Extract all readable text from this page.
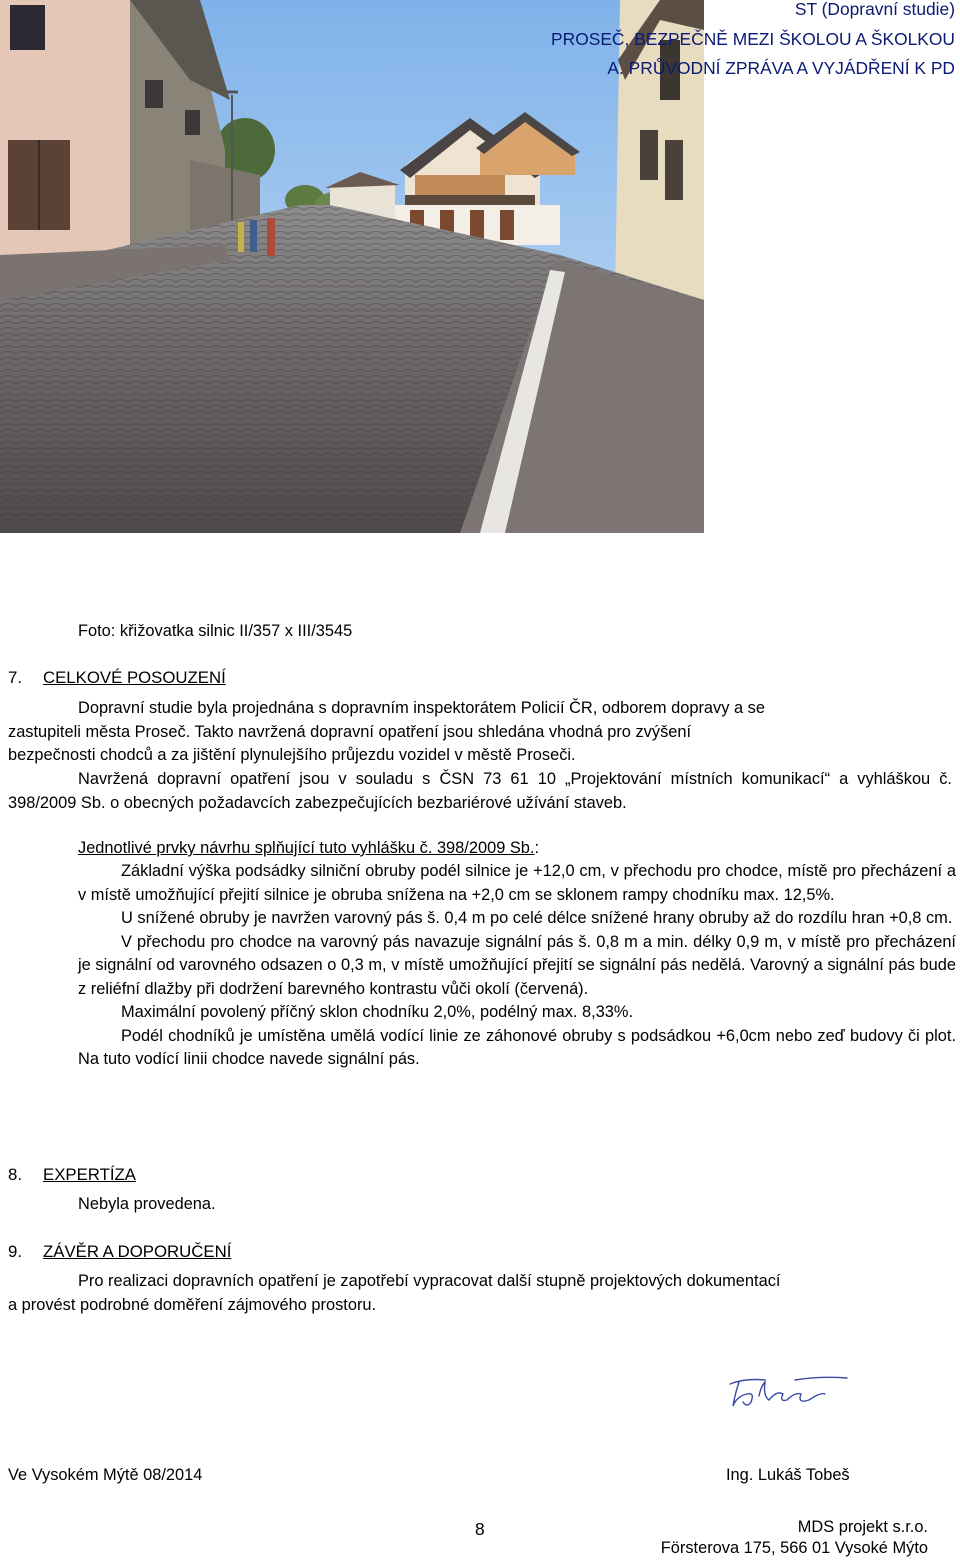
ST (Dopravní studie)
PROSEČ, BEZPEČNĚ MEZI ŠKOLOU A ŠKOLKOU
A. PRŮVODNÍ ZPRÁVA A VYJÁDŘENÍ K PD
Foto: křižovatka silnic II/357 x III/3545
7. CELKOVÉ POSOUZENÍ
Dopravní studie byla projednána s dopravním inspektorátem Policií ČR, odborem dopravy a se
zastupiteli města Proseč. Takto navržená dopravní opatření jsou shledána vhodná pro zvýšení
bezpečnosti chodců a za jištění plynulejšího průjezdu vozidel v městě Proseči.
Navržená dopravní opatření jsou v souladu s ČSN 73 61 10 „Projektování místních komunikací“ a vyhláškou č. 398/2009 Sb. o obecných požadavcích zabezpečujících bezbariérové užívání staveb.
Jednotlivé prvky návrhu splňující tuto vyhlášku č. 398/2009 Sb.:
Základní výška podsádky silniční obruby podél silnice je +12,0 cm, v přechodu pro chodce, místě pro přecházení a v místě umožňující přejití silnice je obruba snížena na +2,0 cm se sklonem rampy chodníku max. 12,5%.
U snížené obruby je navržen varovný pás š. 0,4 m po celé délce snížené hrany obruby až do rozdílu hran +0,8 cm.
V přechodu pro chodce na varovný pás navazuje signální pás š. 0,8 m a min. délky 0,9 m, v místě pro přecházení je signální od varovného odsazen o 0,3 m, v místě umožňující přejití se signální pás nedělá. Varovný a signální pás bude z reliéfní dlažby při dodržení barevného kontrastu vůči okolí (červená).
Maximální povolený příčný sklon chodníku 2,0%, podélný max. 8,33%.
Podél chodníků je umístěna umělá vodící linie ze záhonové obruby s podsádkou +6,0cm nebo zeď budovy či plot. Na tuto vodící linii chodce navede signální pás.
8. EXPERTÍZA
Nebyla provedena.
9. ZÁVĚR A DOPORUČENÍ
Pro realizaci dopravních opatření je zapotřebí vypracovat další stupně projektových dokumentací
a provést podrobné doměření zájmového prostoru.
Ve Vysokém Mýtě 08/2014	Ing. Lukáš Tobeš
8	MDS projekt s.r.o.
Försterova 175, 566 01 Vysoké Mýto
